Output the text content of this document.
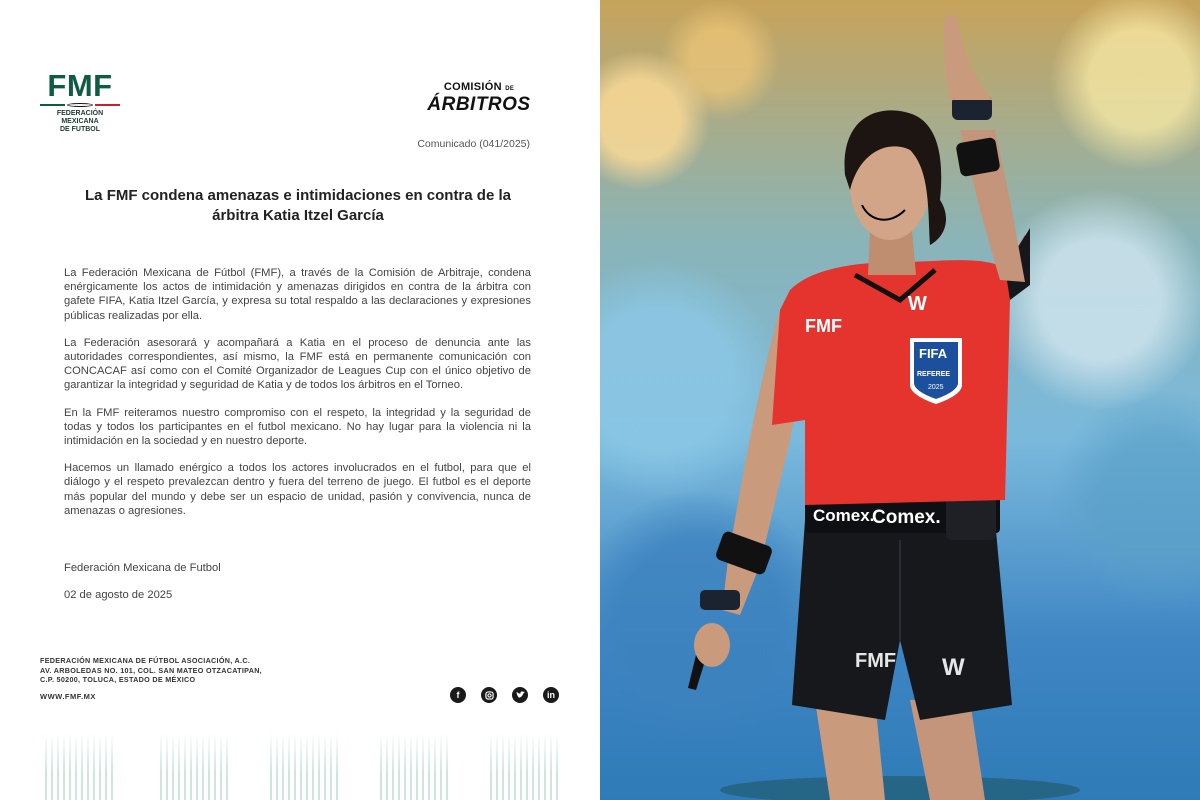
FMF
FEDERACIÓN MEXICANA
DE FUTBOL
COMISIÓN DE
ÁRBITROS
Comunicado (041/2025)
La FMF condena amenazas e intimidaciones en contra de la árbitra Katia Itzel García

La Federación Mexicana de Fútbol (FMF), a través de la Comisión de Arbitraje, condena enérgicamente los actos de intimidación y amenazas dirigidos en contra de la árbitra con gafete FIFA, Katia Itzel García, y expresa su total respaldo a las declaraciones y expresiones públicas realizadas por ella.

La Federación asesorará y acompañará a Katia en el proceso de denuncia ante las autoridades correspondientes, así mismo, la FMF está en permanente comunicación con CONCACAF así como con el Comité Organizador de Leagues Cup con el único objetivo de garantizar la integridad y seguridad de Katia y de todos los árbitros en el Torneo.

En la FMF reiteramos nuestro compromiso con el respeto, la integridad y la seguridad de todas y todos los participantes en el futbol mexicano. No hay lugar para la violencia ni la intimidación en la sociedad y en nuestro deporte.

Hacemos un llamado enérgico a todos los actores involucrados en el futbol, para que el diálogo y el respeto prevalezcan dentro y fuera del terreno de juego. El futbol es el deporte más popular del mundo y debe ser un espacio de unidad, pasión y convivencia, nunca de amenazas o agresiones.

Federación Mexicana de Futbol
02 de agosto de 2025
FEDERACIÓN MEXICANA DE FÚTBOL ASOCIACIÓN, A.C.
AV. ARBOLEDAS NO. 101, COL. SAN MATEO OTZACATIPAN,
C.P. 50200, TOLUCA, ESTADO DE MÉXICO
WWW.FMF.MX	f	in
Comex.
Comex.
FMF W
FMF
W
FIFA
REFEREE
2025
